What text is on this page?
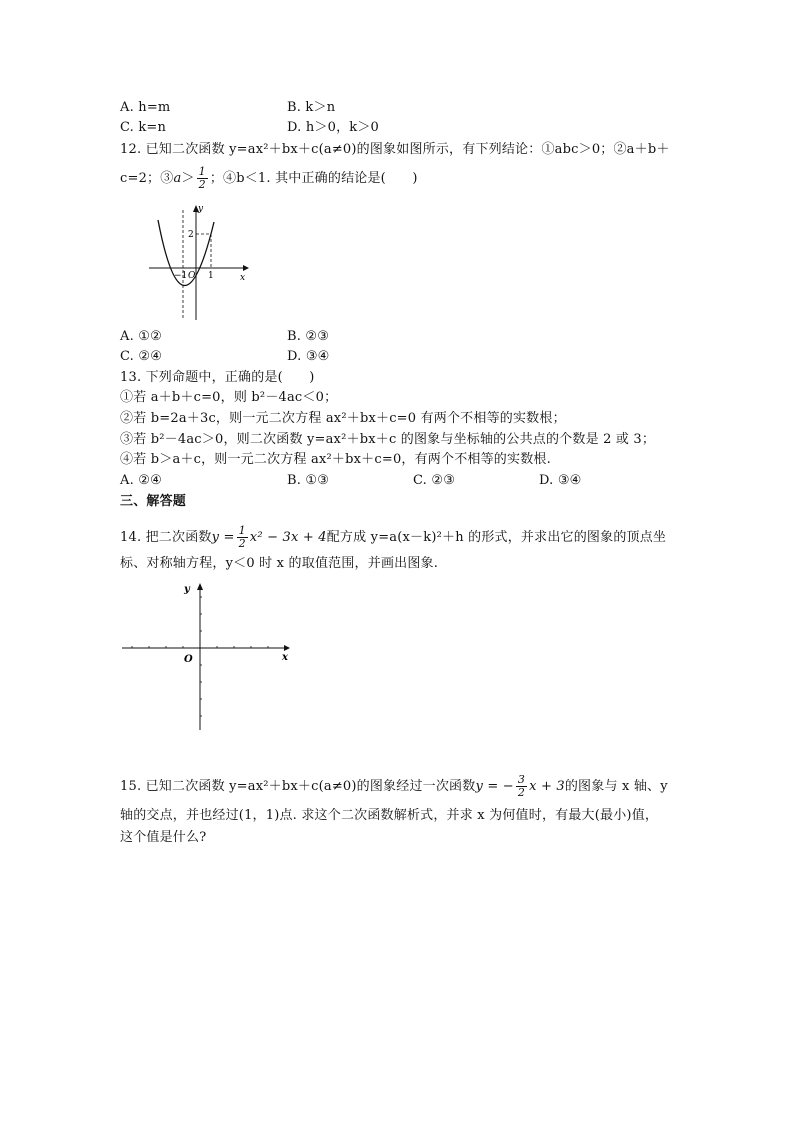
A. h=m	B. k＞n
C. k=n	D. h＞0，k＞0
12. 已知二次函数 y=ax²＋bx＋c(a≠0)的图象如图所示，有下列结论：①abc＞0；②a＋b＋
c=2；③a＞ $\frac{1}{2}$ ；④b＜1. 其中正确的结论是(　　)
y
x
O
−1 1
2
A. ①②	B. ②③
C. ②④	D. ③④
13. 下列命题中，正确的是(　　)
①若 a＋b＋c=0，则 b²－4ac＜0；
②若 b=2a＋3c，则一元二次方程 ax²＋bx＋c=0 有两个不相等的实数根；
③若 b²－4ac＞0，则二次函数 y=ax²＋bx＋c 的图象与坐标轴的公共点的个数是 2 或 3；
④若 b＞a＋c，则一元二次方程 ax²＋bx＋c=0，有两个不相等的实数根.
A. ②④	B. ①③	C. ②③	D. ③④
三、解答题
14. 把二次函数$y = \frac{1}{2} x^2 - 3x + 4$配方成 y=a(x－k)²＋h 的形式，并求出它的图象的顶点坐
标、对称轴方程，y＜0 时 x 的取值范围，并画出图象.
y
x
O
15. 已知二次函数 y=ax²＋bx＋c(a≠0)的图象经过一次函数y = − $\frac{3}{2}$ x + 3的图象与 x 轴、y
轴的交点，并也经过(1，1)点. 求这个二次函数解析式，并求 x 为何值时，有最大(最小)值，
这个值是什么?
